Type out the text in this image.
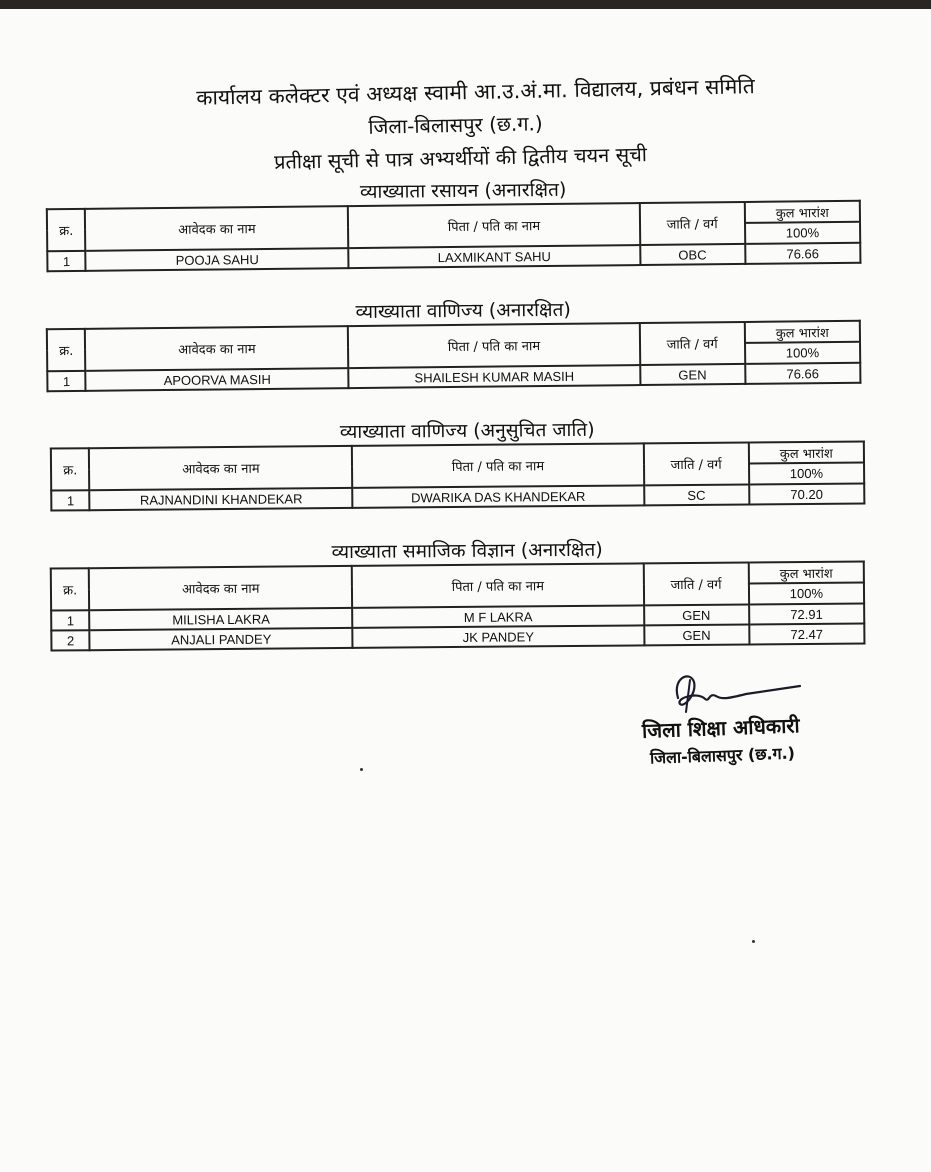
कार्यालय कलेक्टर एवं अध्यक्ष स्वामी आ.उ.अं.मा. विद्यालय, प्रबंधन समिति
जिला-बिलासपुर (छ.ग.)
प्रतीक्षा सूची से पात्र अभ्यर्थीयों की द्वितीय चयन सूची
व्याख्याता रसायन (अनारक्षित)
क्र.	आवेदक का नाम	पिता / पति का नाम	जाति / वर्ग	कुल भारांश
				100%
1	POOJA SAHU	LAXMIKANT SAHU	OBC	76.66
व्याख्याता वाणिज्य (अनारक्षित)
क्र.	आवेदक का नाम	पिता / पति का नाम	जाति / वर्ग	कुल भारांश
				100%
1	APOORVA MASIH	SHAILESH KUMAR MASIH	GEN	76.66
व्याख्याता वाणिज्य (अनुसुचित जाति)
क्र.	आवेदक का नाम	पिता / पति का नाम	जाति / वर्ग	कुल भारांश
				100%
1	RAJNANDINI KHANDEKAR	DWARIKA DAS KHANDEKAR	SC	70.20
व्याख्याता समाजिक विज्ञान (अनारक्षित)
क्र.	आवेदक का नाम	पिता / पति का नाम	जाति / वर्ग	कुल भारांश
				100%
1	MILISHA LAKRA	M F LAKRA	GEN	72.91
2	ANJALI PANDEY	JK PANDEY	GEN	72.47
जिला शिक्षा अधिकारी
जिला-बिलासपुर (छ.ग.)
